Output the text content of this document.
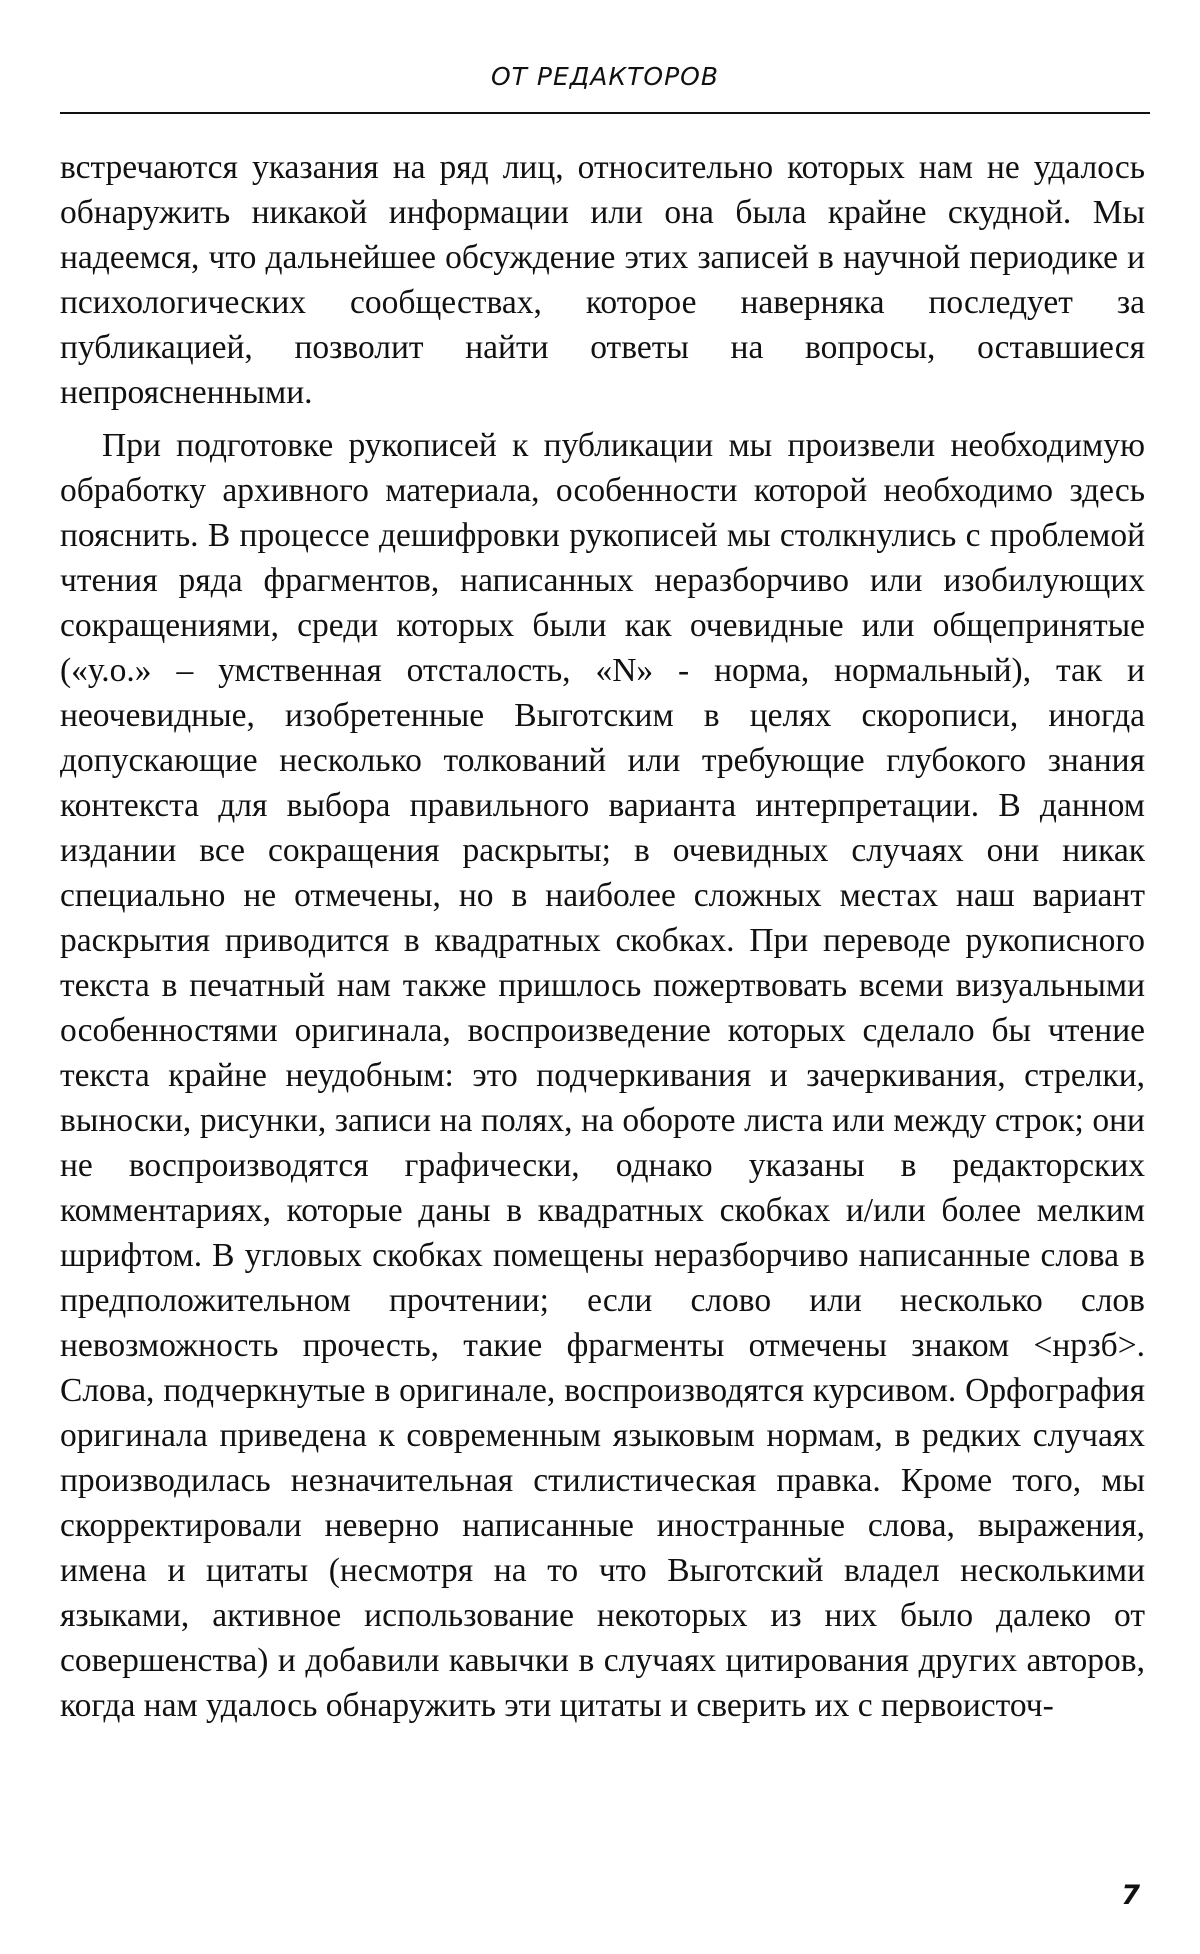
ОТ РЕДАКТОРОВ

встречаются указания на ряд лиц, относительно которых нам не удалось обнаружить никакой информации или она была крайне скудной. Мы надеемся, что дальнейшее обсуждение этих записей в научной периодике и психологических сообществах, которое наверняка последует за публикацией, позволит найти ответы на вопросы, оставшиеся непроясненными.

При подготовке рукописей к публикации мы произвели необходимую обработку архивного материала, особенности которой необходимо здесь пояснить. В процессе дешифровки рукописей мы столкнулись с проблемой чтения ряда фрагментов, написанных неразборчиво или изобилующих сокращениями, среди которых были как очевидные или общепринятые («у.о.» – умственная отсталость, «N» - норма, нормальный), так и неочевидные, изобретенные Выготским в целях скорописи, иногда допускающие несколько толкований или требующие глубокого знания контекста для выбора правильного варианта интерпретации. В данном издании все сокращения раскрыты; в очевидных случаях они никак специально не отмечены, но в наиболее сложных местах наш вариант раскрытия приводится в квадратных скобках. При переводе рукописного текста в печатный нам также пришлось пожертвовать всеми визуальными особенностями оригинала, воспроизведение которых сделало бы чтение текста крайне неудобным: это подчеркивания и зачеркивания, стрелки, выноски, рисунки, записи на полях, на обороте листа или между строк; они не воспроизводятся графически, однако указаны в редакторских комментариях, которые даны в квадратных скобках и/или более мелким шрифтом. В угловых скобках помещены неразборчиво написанные слова в предположительном прочтении; если слово или несколько слов невозможность прочесть, такие фрагменты отмечены знаком <нрзб>. Слова, подчеркнутые в оригинале, воспроизводятся курсивом. Орфография оригинала приведена к современным языковым нормам, в редких случаях производилась незначительная стилистическая правка. Кроме того, мы скорректировали неверно написанные иностранные слова, выражения, имена и цитаты (несмотря на то что Выготский владел несколькими языками, активное использование некоторых из них было далеко от совершенства) и добавили кавычки в случаях цитирования других авторов, когда нам удалось обнаружить эти цитаты и сверить их с первоисточ-

7
